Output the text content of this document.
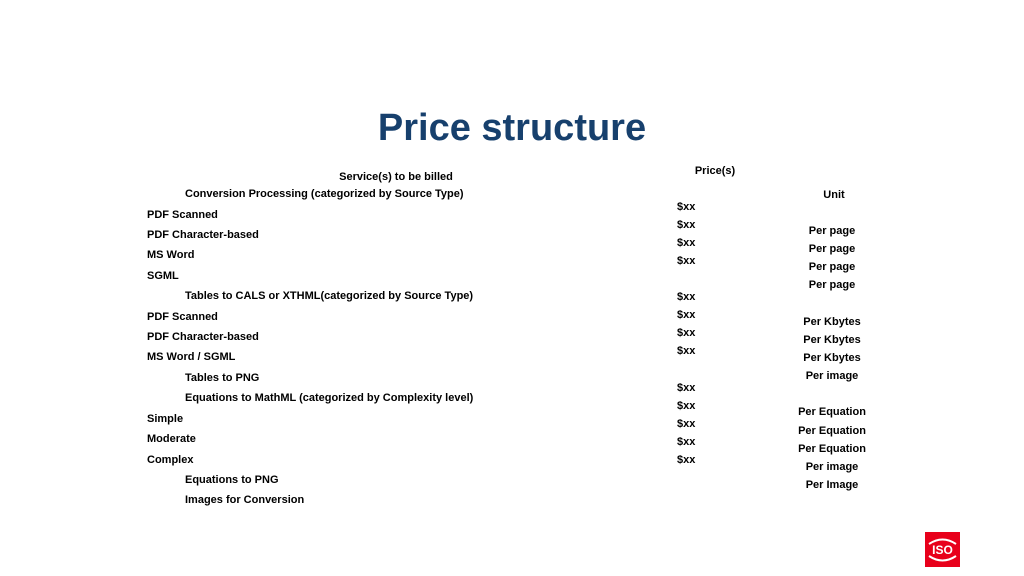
Price structure
Service(s) to be billed	Price(s)
Unit
Conversion Processing (categorized by Source Type)
PDF Scanned
PDF Character-based
MS Word
SGML
Tables to CALS or XTHML(categorized by Source Type)
PDF Scanned
PDF Character-based
MS Word / SGML
Tables to PNG
Equations to MathML (categorized by Complexity level)
Simple
Moderate
Complex
Equations to PNG
Images for Conversion
$xx
$xx
$xx
$xx
$xx
$xx
$xx
$xx
$xx
$xx
$xx
$xx
$xx
Per page
Per page
Per page
Per page
Per Kbytes
Per Kbytes
Per Kbytes
Per image
Per Equation
Per Equation
Per Equation
Per image
Per Image
ISO
